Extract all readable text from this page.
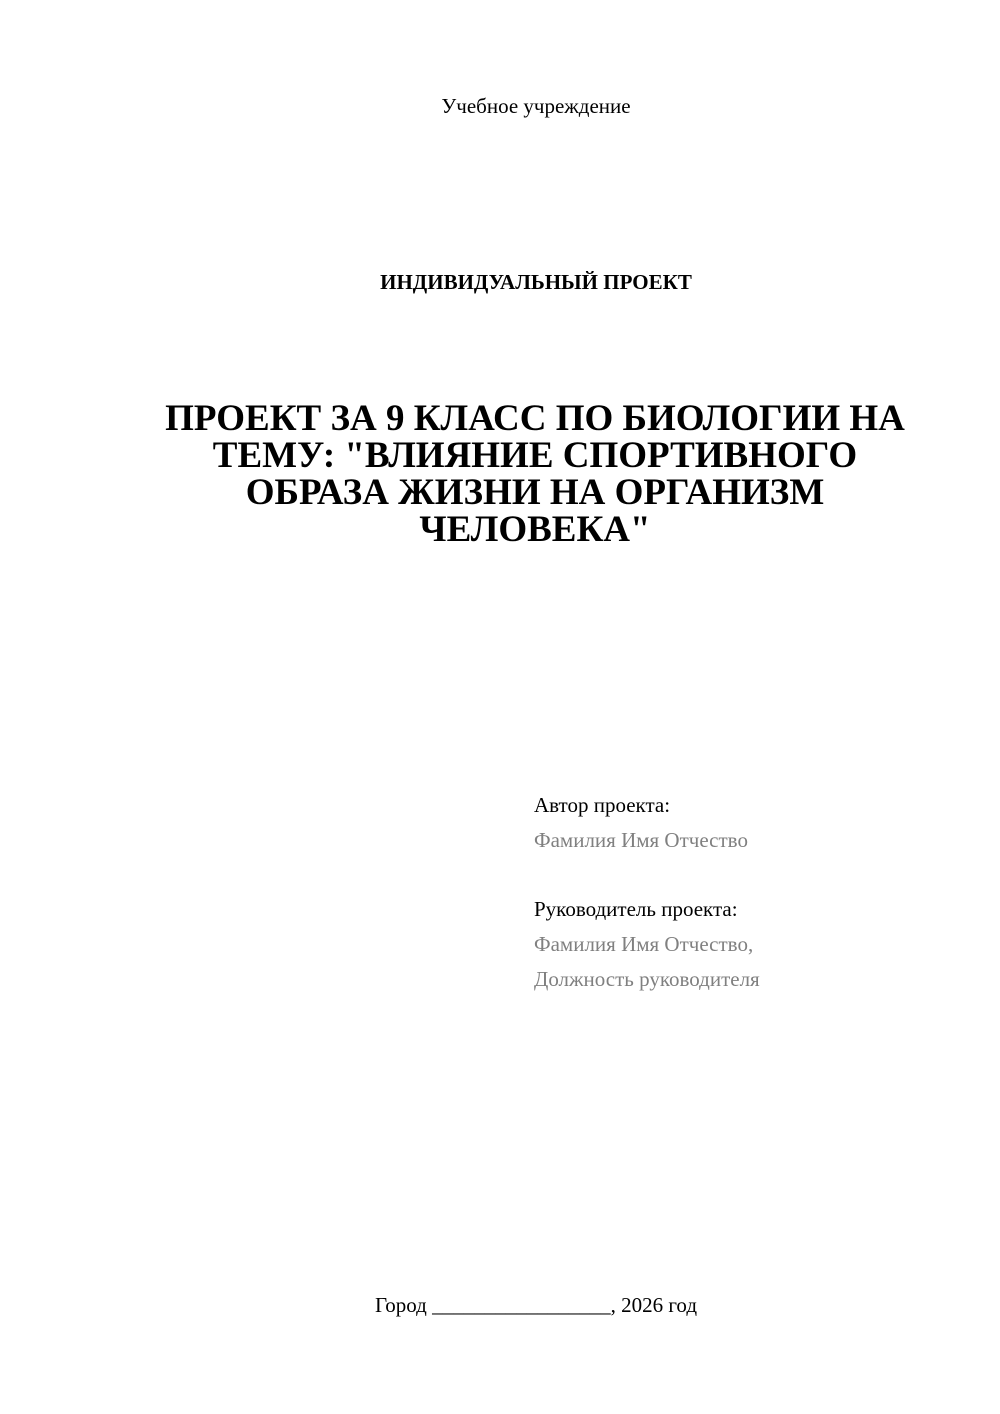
Учебное учреждение
ИНДИВИДУАЛЬНЫЙ ПРОЕКТ
ПРОЕКТ ЗА 9 КЛАСС ПО БИОЛОГИИ НА ТЕМУ: "ВЛИЯНИЕ СПОРТИВНОГО ОБРАЗА ЖИЗНИ НА ОРГАНИЗМ ЧЕЛОВЕКА"
Автор проекта:
Фамилия Имя Отчество
Руководитель проекта:
Фамилия Имя Отчество,
Должность руководителя
Город _________________, 2026 год
